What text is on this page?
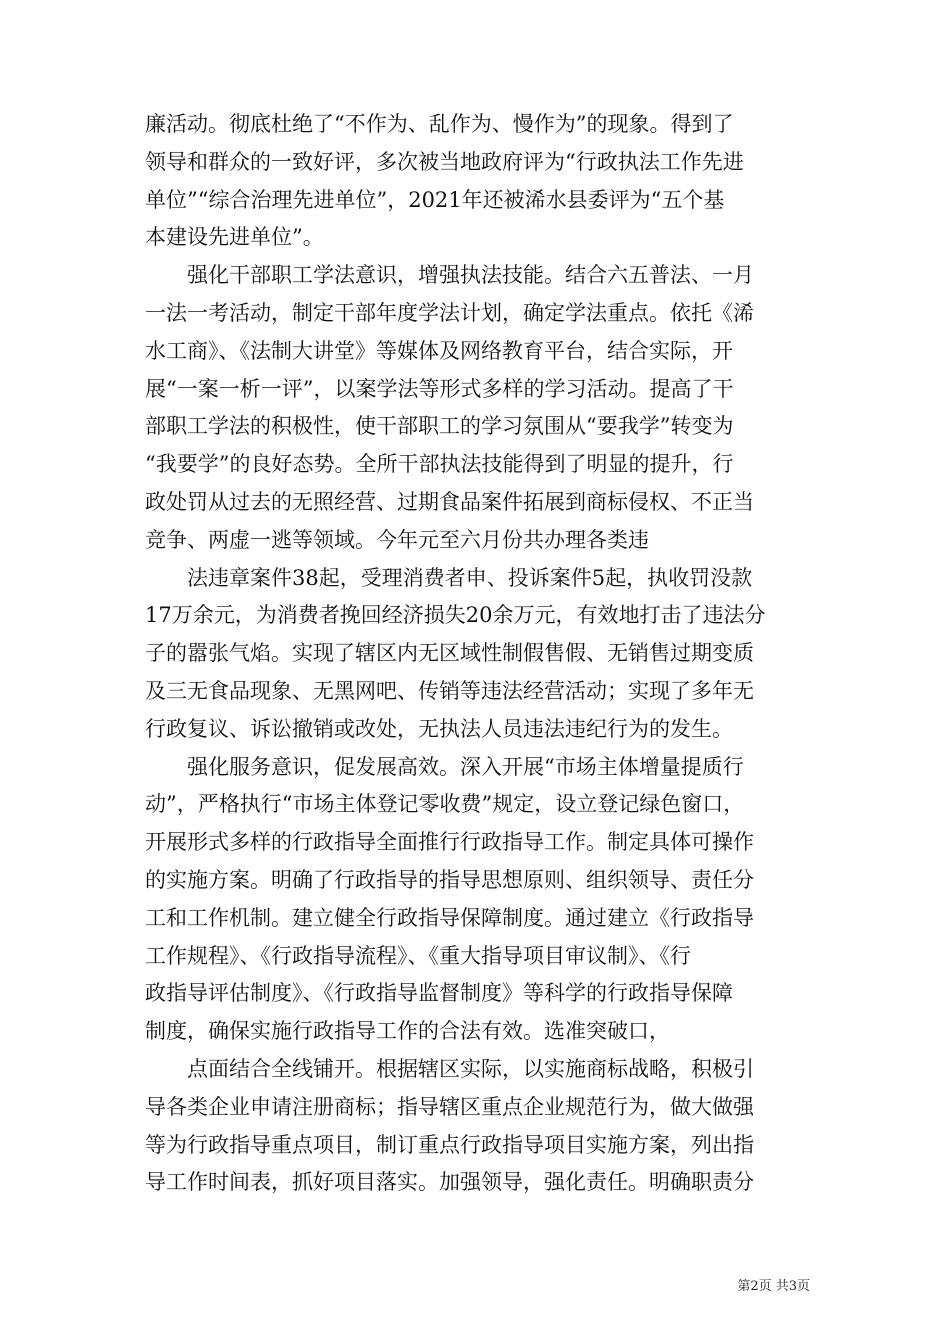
廉活动。彻底杜绝了“不作为、乱作为、慢作为”的现象。得到了
领导和群众的一致好评，多次被当地政府评为“行政执法工作先进
单位”“综合治理先进单位”，2021年还被浠水县委评为“五个基
本建设先进单位”。
强化干部职工学法意识，增强执法技能。结合六五普法、一月
一法一考活动，制定干部年度学法计划，确定学法重点。依托《浠
水工商》、《法制大讲堂》等媒体及网络教育平台，结合实际，开
展“一案一析一评”，以案学法等形式多样的学习活动。提高了干
部职工学法的积极性，使干部职工的学习氛围从“要我学”转变为
“我要学”的良好态势。全所干部执法技能得到了明显的提升，行
政处罚从过去的无照经营、过期食品案件拓展到商标侵权、不正当
竞争、两虚一逃等领域。今年元至六月份共办理各类违
法违章案件38起，受理消费者申、投诉案件5起，执收罚没款
17万余元，为消费者挽回经济损失20余万元，有效地打击了违法分
子的嚣张气焰。实现了辖区内无区域性制假售假、无销售过期变质
及三无食品现象、无黑网吧、传销等违法经营活动；实现了多年无
行政复议、诉讼撤销或改处，无执法人员违法违纪行为的发生。
强化服务意识，促发展高效。深入开展“市场主体增量提质行
动”，严格执行“市场主体登记零收费”规定，设立登记绿色窗口，
开展形式多样的行政指导全面推行行政指导工作。制定具体可操作
的实施方案。明确了行政指导的指导思想原则、组织领导、责任分
工和工作机制。建立健全行政指导保障制度。通过建立《行政指导
工作规程》、《行政指导流程》、《重大指导项目审议制》、《行
政指导评估制度》、《行政指导监督制度》等科学的行政指导保障
制度，确保实施行政指导工作的合法有效。选准突破口，
点面结合全线铺开。根据辖区实际，以实施商标战略，积极引
导各类企业申请注册商标；指导辖区重点企业规范行为，做大做强
等为行政指导重点项目，制订重点行政指导项目实施方案，列出指
导工作时间表，抓好项目落实。加强领导，强化责任。明确职责分
第2页 共3页
